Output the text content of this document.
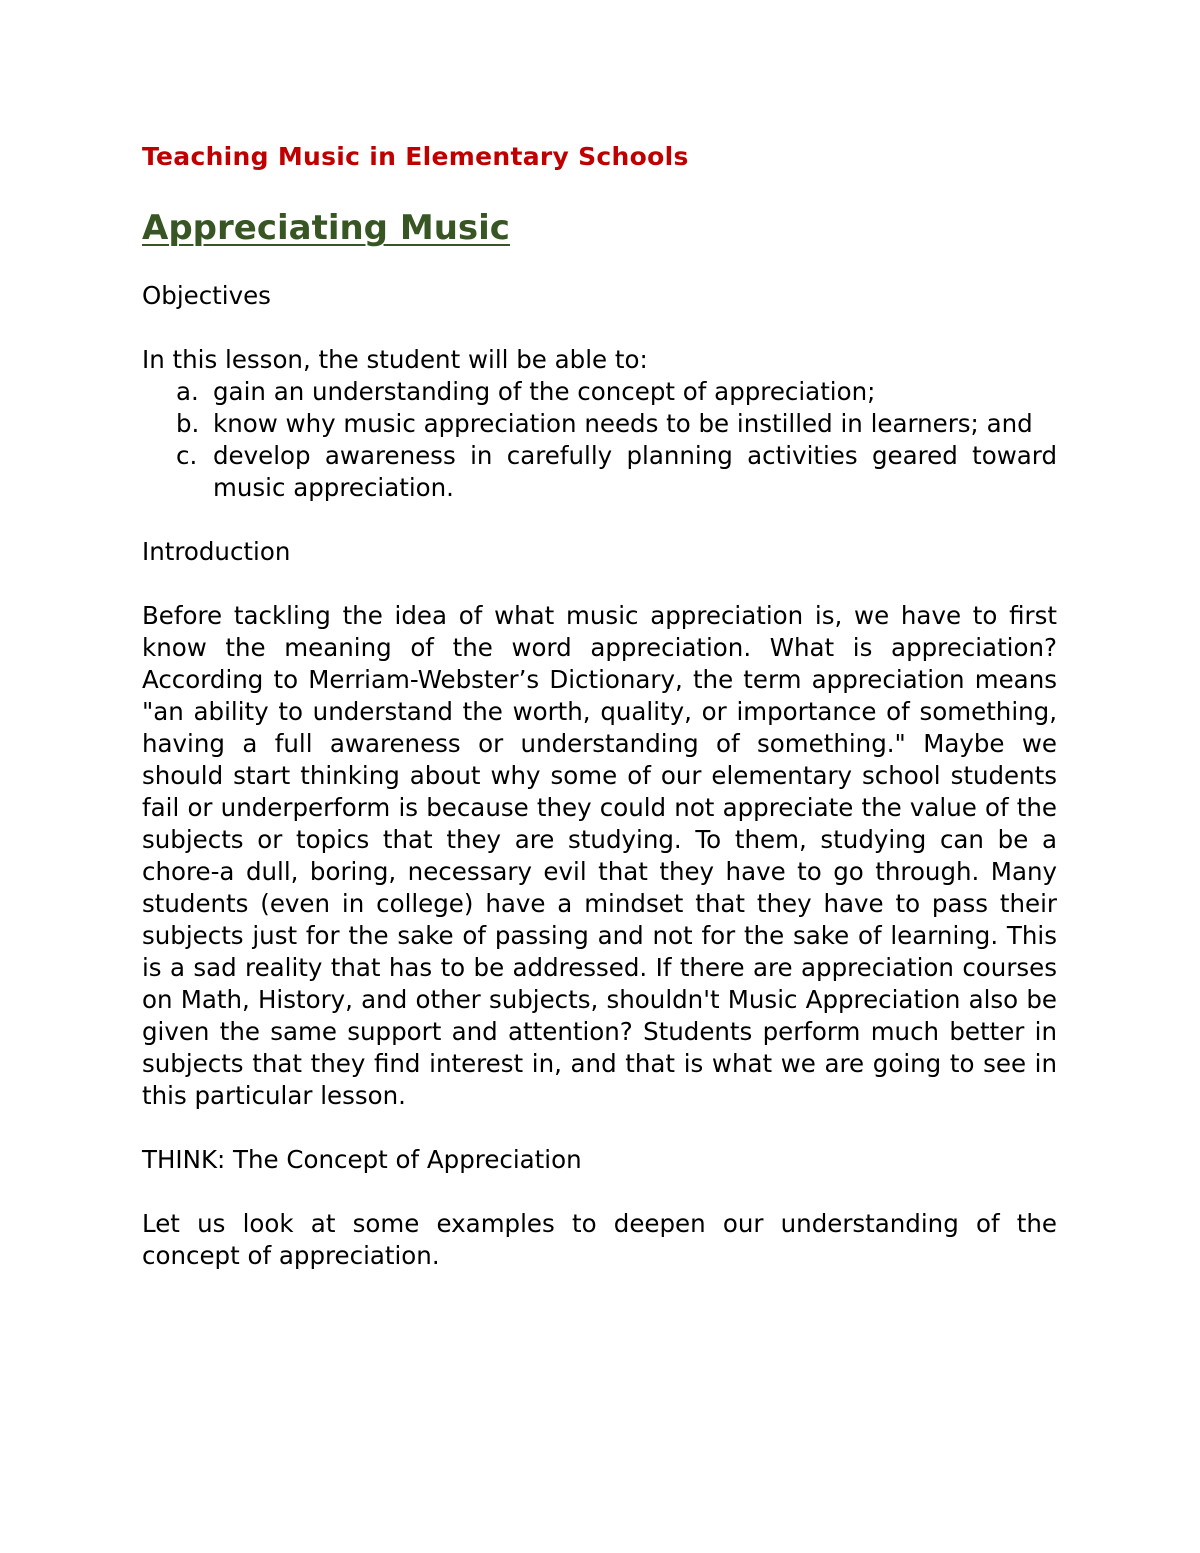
Teaching Music in Elementary Schools
Appreciating Music

Objectives

In this lesson, the student will be able to:

a. gain an understanding of the concept of appreciation;
b. know why music appreciation needs to be instilled in learners; and
c. develop awareness in carefully planning activities geared toward music appreciation.

Introduction

Before tackling the idea of what music appreciation is, we have to first know the meaning of the word appreciation. What is appreciation? According to Merriam-Webster’s Dictionary, the term appreciation means "an ability to understand the worth, quality, or importance of something, having a full awareness or understanding of something." Maybe we should start thinking about why some of our elementary school students fail or underperform is because they could not appreciate the value of the subjects or topics that they are studying. To them, studying can be a chore-a dull, boring, necessary evil that they have to go through. Many students (even in college) have a mindset that they have to pass their subjects just for the sake of passing and not for the sake of learning. This is a sad reality that has to be addressed. If there are appreciation courses on Math, History, and other subjects, shouldn't Music Appreciation also be given the same support and attention? Students perform much better in subjects that they find interest in, and that is what we are going to see in this particular lesson.

THINK: The Concept of Appreciation

Let us look at some examples to deepen our understanding of the concept of appreciation.
